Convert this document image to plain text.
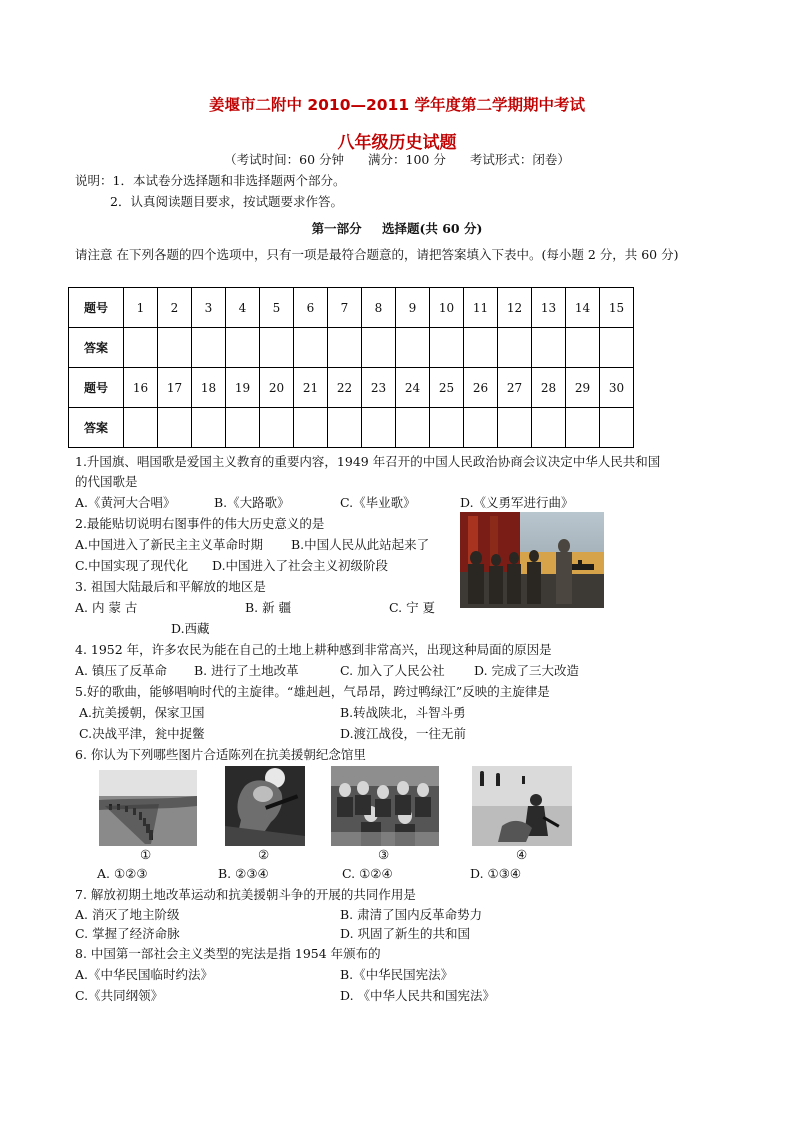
姜堰市二附中 2010—2011 学年度第二学期期中考试
八年级历史试题
（考试时间：60 分钟 满分：100 分 考试形式：闭卷）
说明：1．本试卷分选择题和非选择题两个部分。
2．认真阅读题目要求，按试题要求作答。
第一部分 选择题(共 60 分)
请注意 在下列各题的四个选项中，只有一项是最符合题意的，请把答案填入下表中。(每小题 2 分，共 60 分)
题号	1	2	3	4	5	6	7	8	9	10	11	12	13	14	15
答案															
题号	16	17	18	19	20	21	22	23	24	25	26	27	28	29	30
答案															
1.升国旗、唱国歌是爱国主义教育的重要内容，1949 年召开的中国人民政治协商会议决定中华人民共和国
的代国歌是
A.《黄河大合唱》	B.《大路歌》	C.《毕业歌》	D.《义勇军进行曲》
2.最能贴切说明右图事件的伟大历史意义的是
A.中国进入了新民主主义革命时期 B.中国人民从此站起来了
C.中国实现了现代化 D.中国进入了社会主义初级阶段
3. 祖国大陆最后和平解放的地区是
A. 内 蒙 古	B. 新 疆	C. 宁 夏
D.西藏
4. 1952 年，许多农民为能在自己的土地上耕种感到非常高兴，出现这种局面的原因是
A. 镇压了反革命 B. 进行了土地改革	C. 加入了人民公社 D. 完成了三大改造
5.好的歌曲，能够唱响时代的主旋律。“雄赳赳，气昂昂，跨过鸭绿江”反映的主旋律是
A.抗美援朝，保家卫国	B.转战陕北，斗智斗勇
C.决战平津，瓮中捉鳖	D.渡江战役，一往无前
6. 你认为下列哪些图片合适陈列在抗美援朝纪念馆里
①	②	③	④
A. ①②③	B. ②③④	C. ①②④	D. ①③④
7. 解放初期土地改革运动和抗美援朝斗争的开展的共同作用是
A. 消灭了地主阶级	B. 肃清了国内反革命势力
C. 掌握了经济命脉	D. 巩固了新生的共和国
8. 中国第一部社会主义类型的宪法是指 1954 年颁布的
A.《中华民国临时约法》	B.《中华民国宪法》
C.《共同纲领》	D. 《中华人民共和国宪法》
